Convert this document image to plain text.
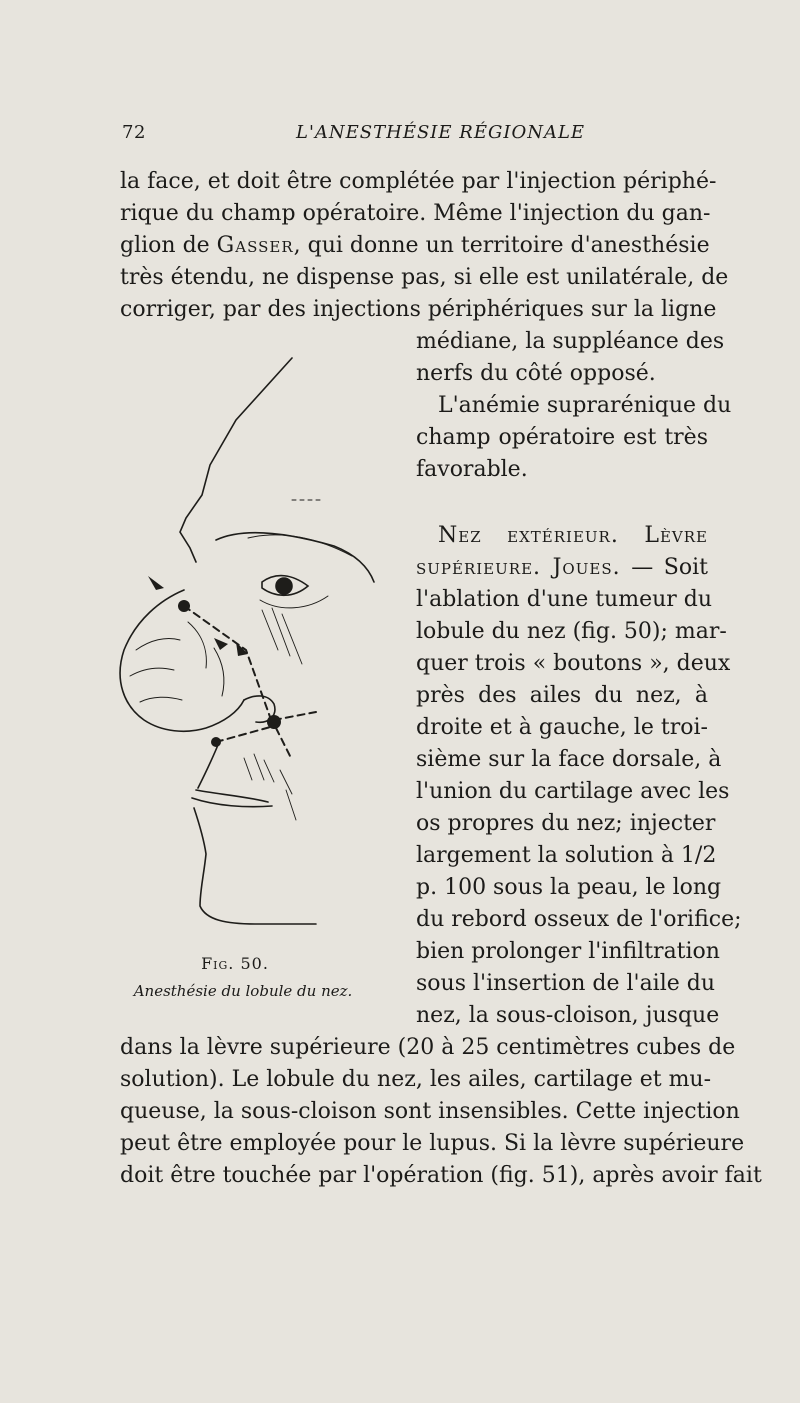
72	L'ANESTHÉSIE RÉGIONALE
la face, et doit être complétée par l'injection périphé-
rique du champ opératoire. Même l'injection du gan-
glion de Gasser, qui donne un territoire d'anesthésie
très étendu, ne dispense pas, si elle est unilatérale, de
corriger, par des injections périphériques sur la ligne
médiane, la suppléance des
nerfs du côté opposé.
L'anémie suprarénique du
champ opératoire est très
favorable.
Nez extérieur. Lèvre
supérieure. Joues. — Soit
l'ablation d'une tumeur du
lobule du nez (fig. 50); mar-
quer trois « boutons », deux
près des ailes du nez, à
droite et à gauche, le troi-
sième sur la face dorsale, à
l'union du cartilage avec les
os propres du nez; injecter
largement la solution à 1/2
p. 100 sous la peau, le long
du rebord osseux de l'orifice;
bien prolonger l'infiltration
sous l'insertion de l'aile du
nez, la sous-cloison, jusque
dans la lèvre supérieure (20 à 25 centimètres cubes de
solution). Le lobule du nez, les ailes, cartilage et mu-
queuse, la sous-cloison sont insensibles. Cette injection
peut être employée pour le lupus. Si la lèvre supérieure
doit être touchée par l'opération (fig. 51), après avoir fait
Fig. 50.
Anesthésie du lobule du nez.
